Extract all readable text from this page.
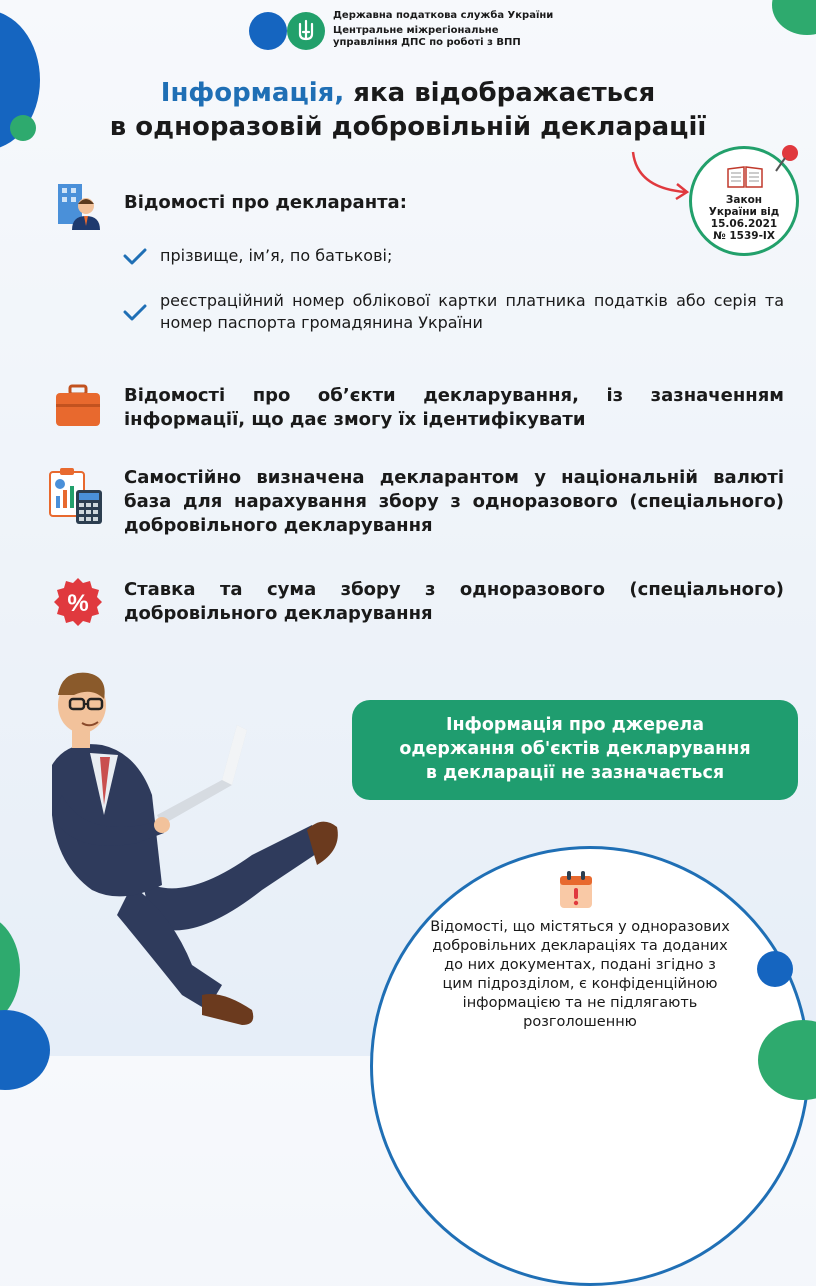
Державна податкова служба України
Центральне міжрегіональне
управління ДПС по роботі з ВПП
Інформація, яка відображається
в одноразовій добровільній декларації
Закон
України від
15.06.2021
№ 1539-IX
Відомості про декларанта:
прізвище, ім’я, по батькові;
реєстраційний номер облікової картки платника податків або серія та номер паспорта громадянина України
Відомості про об’єкти декларування, із зазначенням інформації, що дає змогу їх ідентифікувати
Самостійно визначена декларантом у національній валюті база для нарахування збору з одноразового (спеціального) добровільного декларування
%
Ставка та сума збору з одноразового (спеціального) добровільного декларування
Інформація про джерела
одержання об'єктів декларування
в декларації не зазначається
Відомості, що містяться у одноразових добровільних деклараціях та доданих до них документах, подані згідно з цим підрозділом, є конфіденційною інформацією та не підлягають розголошенню
